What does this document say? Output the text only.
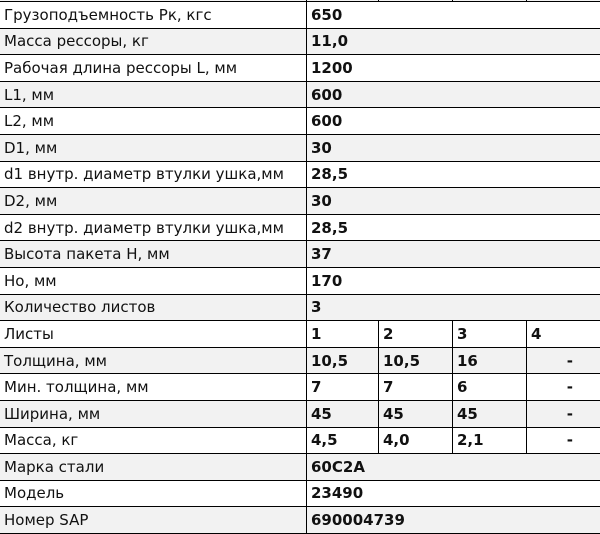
Грузоподъемность Pк, кгс	650			
Масса рессоры, кг	11,0			
Рабочая длина рессоры L, мм	1200			
L1, мм	600			
L2, мм	600			
D1, мм	30			
d1 внутр. диаметр втулки ушка,мм	28,5			
D2, мм	30			
d2 внутр. диаметр втулки ушка,мм	28,5			
Высота пакета H, мм	37			
Ho, мм	170			
Количество листов	3			
Листы	1	2	3	4
Толщина, мм	10,5	10,5	16	-
Мин. толщина, мм	7	7	6	-
Ширина, мм	45	45	45	-
Масса, кг	4,5	4,0	2,1	-
Марка стали	60С2А			
Модель	23490			
Номер SAP	690004739			
